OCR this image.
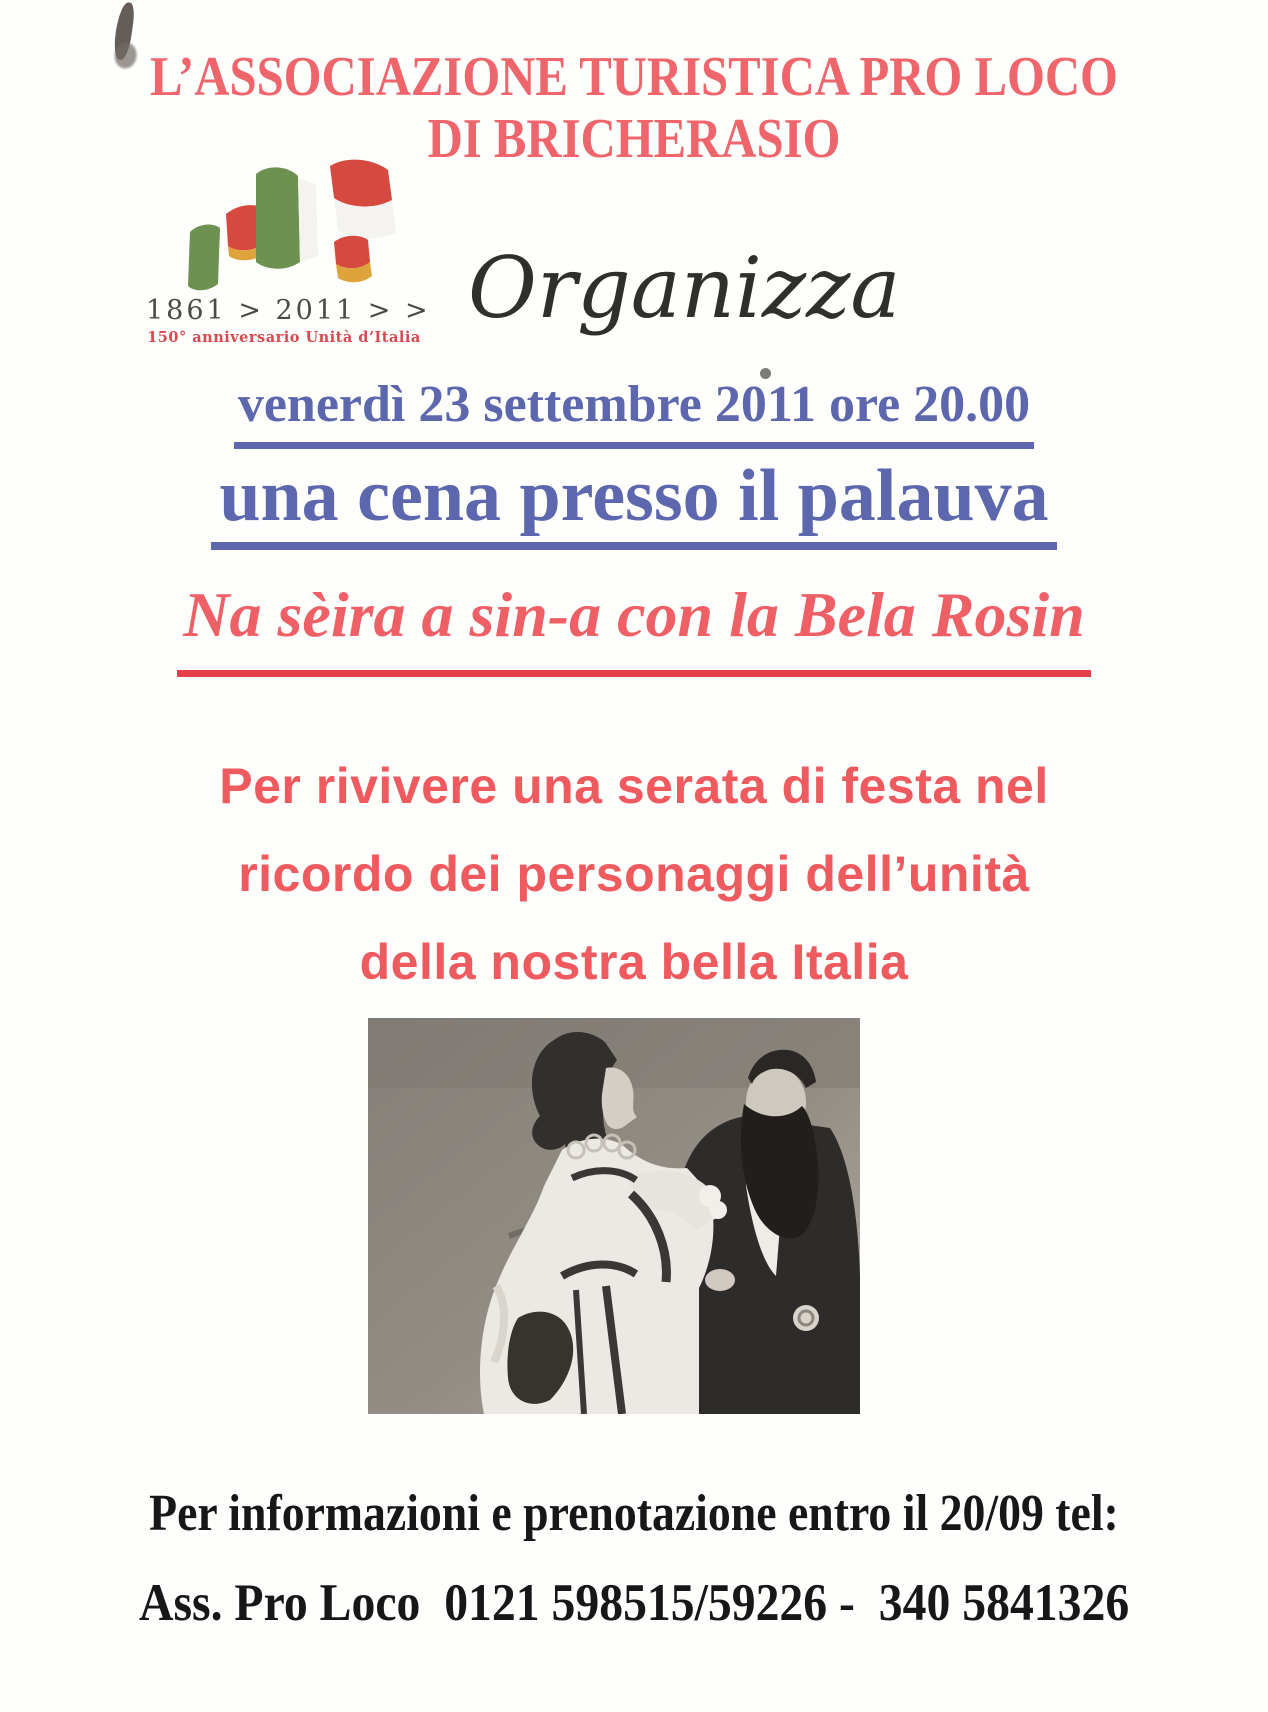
L’ASSOCIAZIONE TURISTICA PRO LOCO
DI BRICHERASIO
1861 > 2011 > >
150° anniversario Unità d’Italia
Organizza
venerdì 23 settembre 2011 ore 20.00
una cena presso il palauva
Na sèira a sin-a con la Bela Rosin
Per rivivere una serata di festa nel
ricordo dei personaggi dell’unità
della nostra bella Italia
Per informazioni e prenotazione entro il 20/09 tel:
Ass. Pro Loco  0121 598515/59226 -  340 5841326
